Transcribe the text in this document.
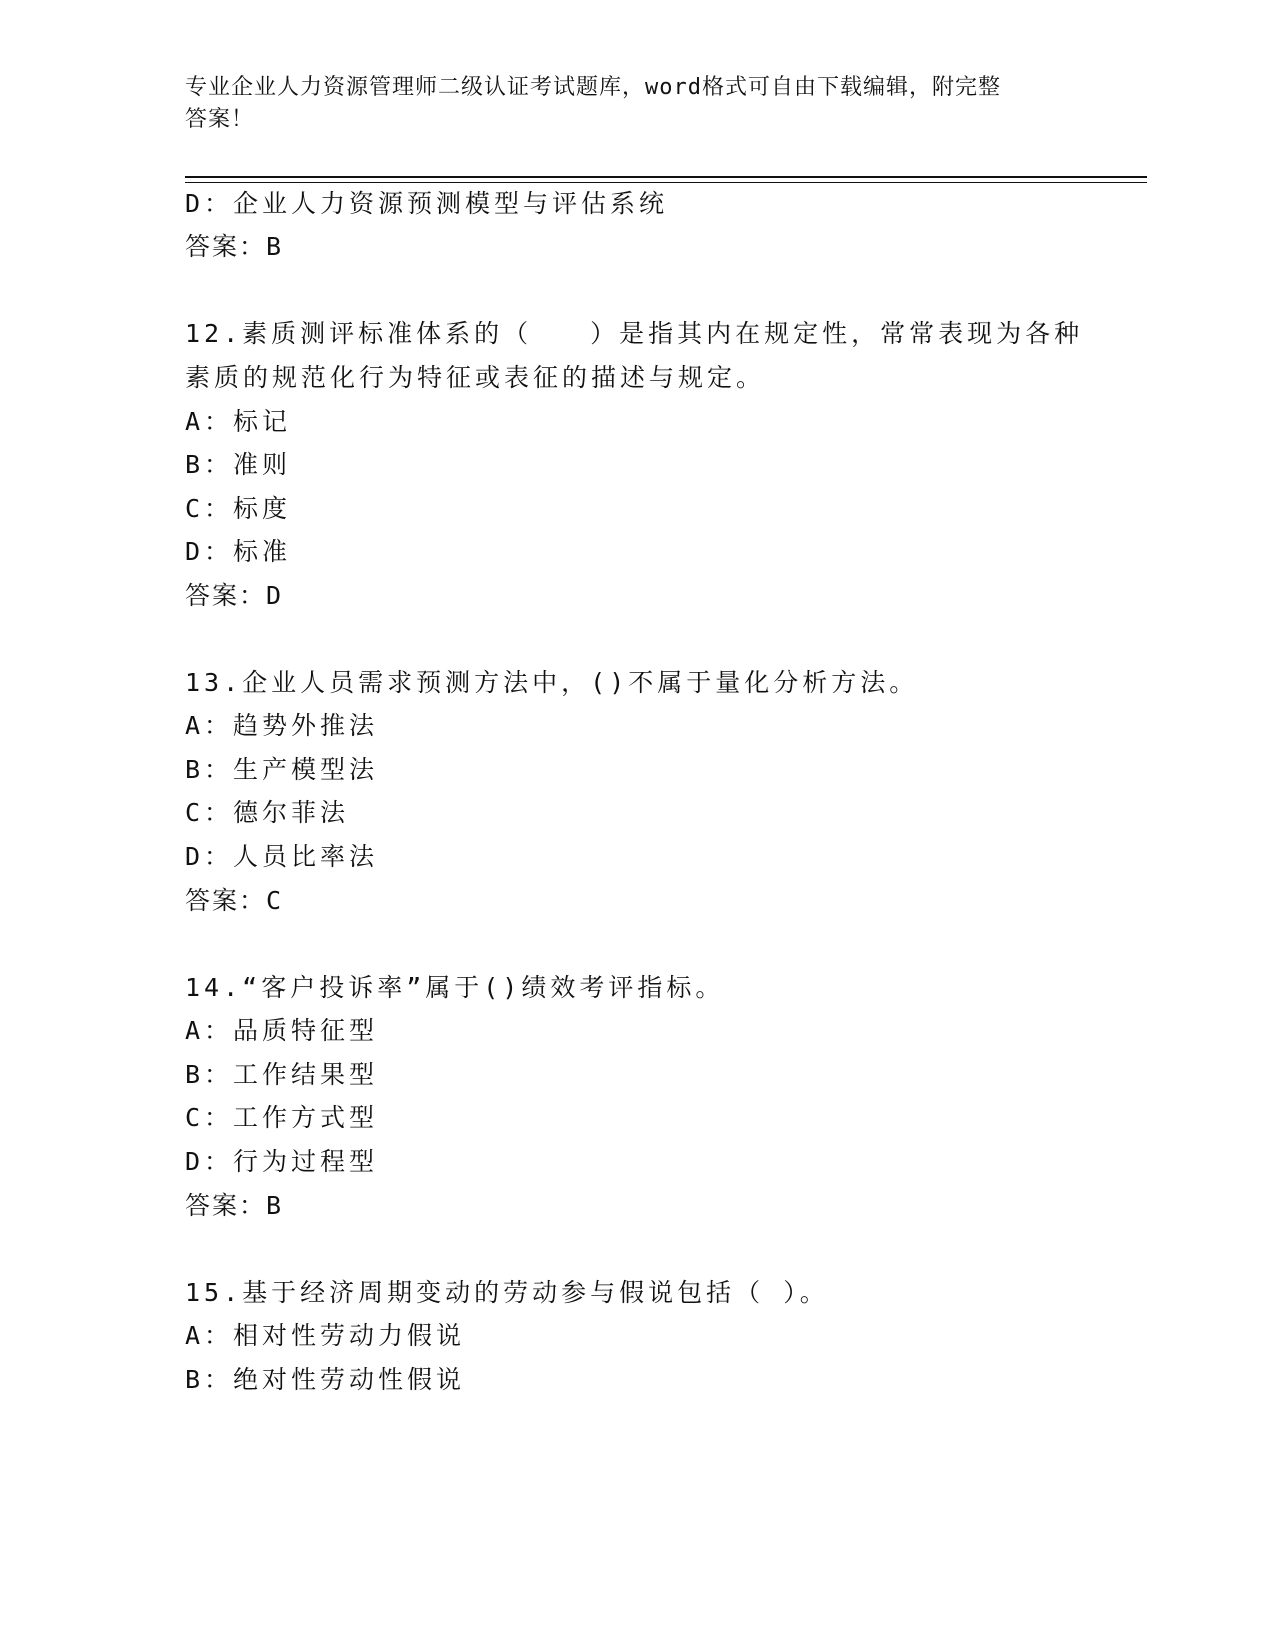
专业企业人力资源管理师二级认证考试题库，word格式可自由下载编辑，附完整
答案！
D：企业人力资源预测模型与评估系统
答案：B
12.素质测评标准体系的（　　）是指其内在规定性，常常表现为各种
素质的规范化行为特征或表征的描述与规定。
A：标记
B：准则
C：标度
D：标准
答案：D
13.企业人员需求预测方法中，()不属于量化分析方法。
A：趋势外推法
B：生产模型法
C：德尔菲法
D：人员比率法
答案：C
14.“客户投诉率”属于()绩效考评指标。
A：品质特征型
B：工作结果型
C：工作方式型
D：行为过程型
答案：B
15.基于经济周期变动的劳动参与假说包括（ ）。
A：相对性劳动力假说
B：绝对性劳动性假说
